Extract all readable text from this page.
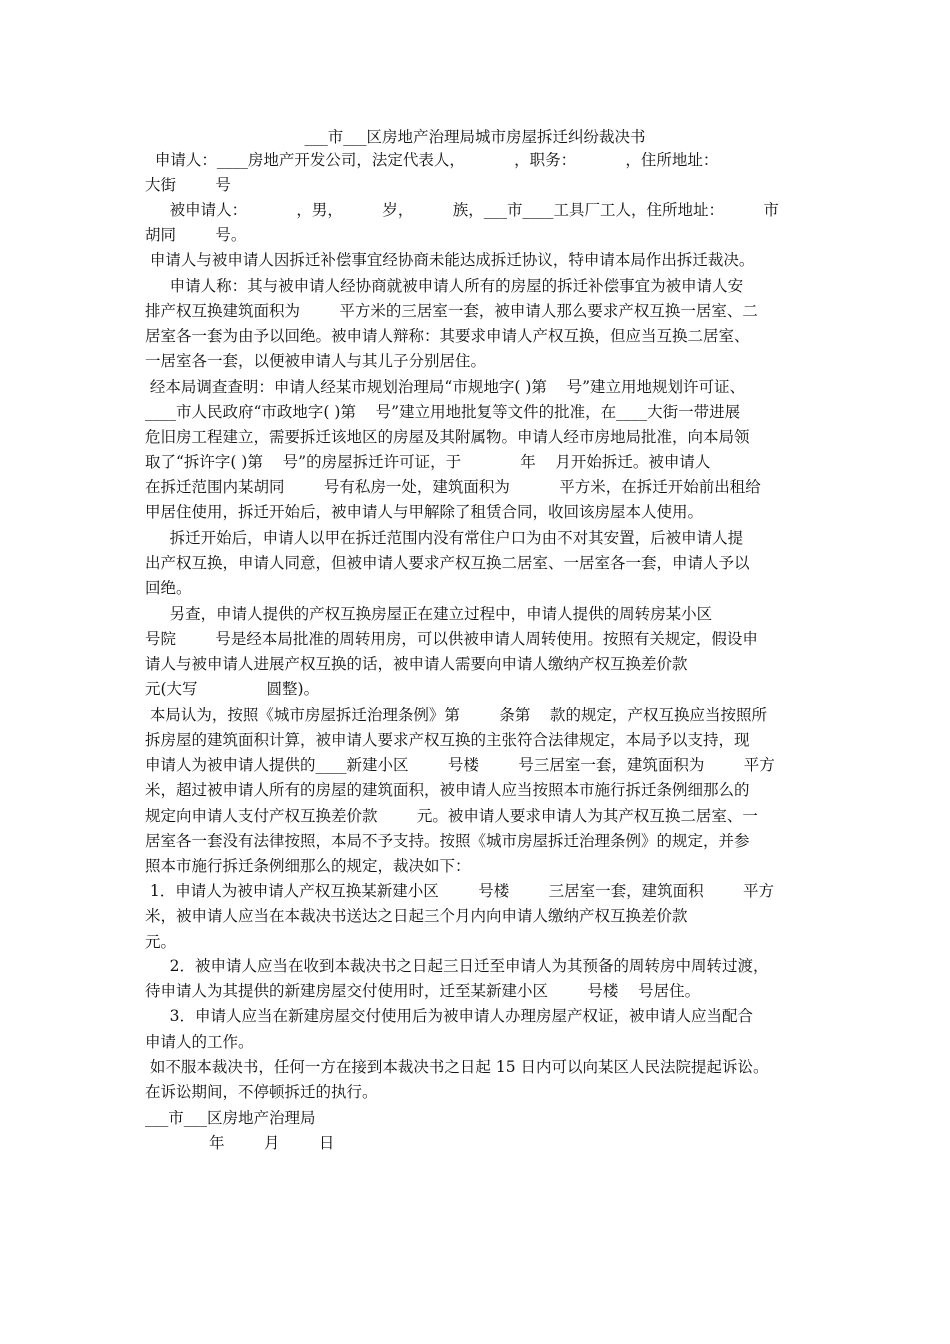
___市___区房地产治理局城市房屋拆迁纠纷裁决书

申请人：____房地产开发公司，法定代表人，          ，职务：          ，住所地址：

大街        号

被申请人：          ，男，        岁，        族，___市____工具厂工人，住所地址：        市

胡同        号。

申请人与被申请人因拆迁补偿事宜经协商未能达成拆迁协议，特申请本局作出拆迁裁决。

申请人称：其与被申请人经协商就被申请人所有的房屋的拆迁补偿事宜为被申请人安

排产权互换建筑面积为        平方米的三居室一套，被申请人那么要求产权互换一居室、二

居室各一套为由予以回绝。被申请人辩称：其要求申请人产权互换，但应当互换二居室、

一居室各一套，以便被申请人与其儿子分别居住。

经本局调查查明：申请人经某市规划治理局“市规地字( )第    号”建立用地规划许可证、

____市人民政府“市政地字( )第    号”建立用地批复等文件的批准，在____大街一带进展

危旧房工程建立，需要拆迁该地区的房屋及其附属物。申请人经市房地局批准，向本局领

取了“拆许字( )第    号”的房屋拆迁许可证，于            年    月开始拆迁。被申请人

在拆迁范围内某胡同        号有私房一处，建筑面积为          平方米，在拆迁开始前出租给

甲居住使用，拆迁开始后，被申请人与甲解除了租赁合同，收回该房屋本人使用。

拆迁开始后，申请人以甲在拆迁范围内没有常住户口为由不对其安置，后被申请人提

出产权互换，申请人同意，但被申请人要求产权互换二居室、一居室各一套，申请人予以

回绝。

另查，申请人提供的产权互换房屋正在建立过程中，申请人提供的周转房某小区

号院        号是经本局批准的周转用房，可以供被申请人周转使用。按照有关规定，假设申

请人与被申请人进展产权互换的话，被申请人需要向申请人缴纳产权互换差价款

元(大写              圆整)。

本局认为，按照《城市房屋拆迁治理条例》第        条第    款的规定，产权互换应当按照所

拆房屋的建筑面积计算，被申请人要求产权互换的主张符合法律规定，本局予以支持，现

申请人为被申请人提供的____新建小区        号楼        号三居室一套，建筑面积为        平方

米，超过被申请人所有的房屋的建筑面积，被申请人应当按照本市施行拆迁条例细那么的

规定向申请人支付产权互换差价款        元。被申请人要求申请人为其产权互换二居室、一

居室各一套没有法律按照，本局不予支持。按照《城市房屋拆迁治理条例》的规定，并参

照本市施行拆迁条例细那么的规定，裁决如下：

1．申请人为被申请人产权互换某新建小区        号楼        三居室一套，建筑面积        平方

米，被申请人应当在本裁决书送达之日起三个月内向申请人缴纳产权互换差价款

元。

2．被申请人应当在收到本裁决书之日起三日迁至申请人为其预备的周转房中周转过渡，

待申请人为其提供的新建房屋交付使用时，迁至某新建小区        号楼    号居住。

3．申请人应当在新建房屋交付使用后为被申请人办理房屋产权证，被申请人应当配合

申请人的工作。

如不服本裁决书，任何一方在接到本裁决书之日起 15 日内可以向某区人民法院提起诉讼。

在诉讼期间，不停顿拆迁的执行。

___市___区房地产治理局

年        月        日
